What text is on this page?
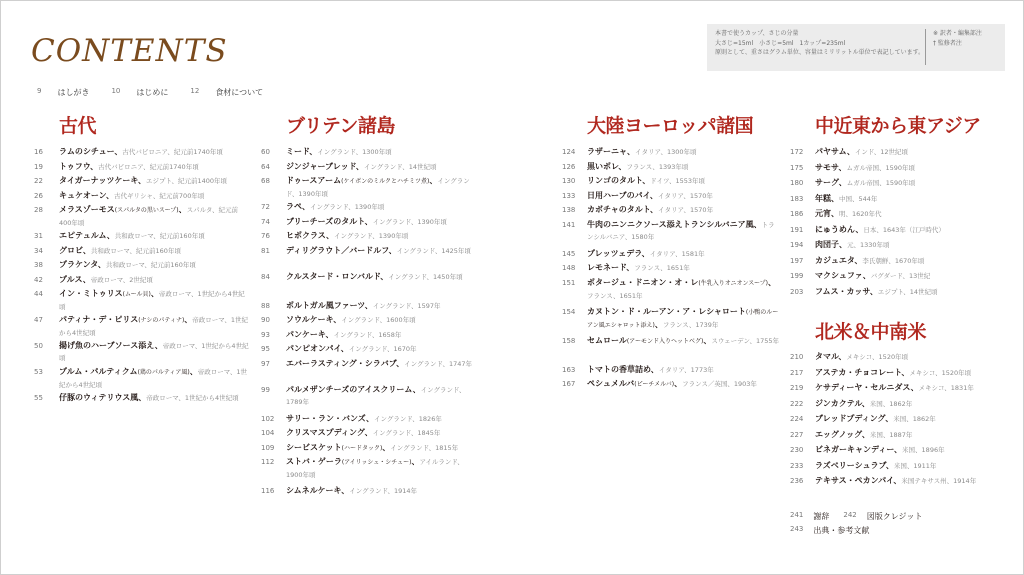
CONTENTS
9 はしがき	10 はじめに	12 食材について
本書で使うカップ、さじの分量
大さじ=15ml　小さじ=5ml　1カップ=235ml
原則として、重さはグラム単位、容量はミリリットル単位で表記しています。
※ 訳者・編集部注
† 監修者注
古代
16	ラムのシチュー、古代バビロニア、紀元前1740年頃
19	トゥフウ、古代バビロニア、紀元前1740年頃
22	タイガーナッツケーキ、エジプト、紀元前1400年頃
26	キュケオーン、古代ギリシャ、紀元前700年頃
28	メラスゾーモス(スパルタの黒いスープ)、スパルタ、紀元前400年頃
31	エピテュルム、共和政ローマ、紀元前160年頃
34	グロビ、共和政ローマ、紀元前160年頃
38	プラケンタ、共和政ローマ、紀元前160年頃
42	プルス、帝政ローマ、2世紀頃
44	イン・ミトゥリス(ムール貝)、帝政ローマ、1世紀から4世紀頃
47	パティナ・デ・ピリス(ナシのパティナ)、帝政ローマ、1世紀から4世紀頃
50	揚げ魚のハーブソース添え、帝政ローマ、1世紀から4世紀頃
53	プルム・パルティクム(鶏のパルティア風)、帝政ローマ、1世紀から4世紀頃
55	仔豚のウィテリウス風、帝政ローマ、1世紀から4世紀頃
ブリテン諸島
60	ミード、イングランド、1300年頃
64	ジンジャーブレッド、イングランド、14世紀頃
68	ドゥースアーム(ケイボンのミルクとハチミツ煮)、イングランド、1390年頃
72	ラペ、イングランド、1390年頃
74	ブリーチーズのタルト、イングランド、1390年頃
76	ヒポクラス、イングランド、1390年頃
81	ディリグラウト／バードルフ、イングランド、1425年頃
84	クルスタード・ロンバルド、イングランド、1450年頃
88	ポルトガル風ファーツ、イングランド、1597年
90	ソウルケーキ、イングランド、1600年頃
93	パンケーキ、イングランド、1658年
95	パンピオンパイ、イングランド、1670年
97	エバーラスティング・シラバブ、イングランド、1747年
99	パルメザンチーズのアイスクリーム、イングランド、1789年
102	サリー・ラン・バンズ、イングランド、1826年
104	クリスマスプディング、イングランド、1845年
109	シービスケット(ハードタック)、イングランド、1815年
112	ストバ・ゲーラ(アイリッシュ・シチュー)、アイルランド、1900年頃
116	シムネルケーキ、イングランド、1914年
大陸ヨーロッパ諸国
124	ラザーニャ、イタリア、1300年頃
126	黒いポレ、フランス、1393年頃
130	リンゴのタルト、ドイツ、1553年頃
133	日用ハーブのパイ、イタリア、1570年
138	カボチャのタルト、イタリア、1570年
141	牛肉のニンニクソース添えトランシルバニア風、トランシルバニア、1580年
145	プレッツェデラ、イタリア、1581年
148	レモネード、フランス、1651年
151	ポタージュ・ドニオン・オ・レ(牛乳入りオニオンスープ)、フランス、1651年
154	カヌトン・ド・ルーアン・ア・レシャロート(小鴨のルーアン風エシャロット添え)、フランス、1739年
158	セムロール(アーモンド入りヘットベグ)、スウェーデン、1755年
163	トマトの香草詰め、イタリア、1773年
167	ペシュメルバ(ピーチメルバ)、フランス／英国、1903年
中近東から東アジア
172	パヤサム、インド、12世紀頃
175	サモサ、ムガル帝国、1590年頃
180	サーグ、ムガル帝国、1590年頃
183	年糕、中国、544年
186	元宵、明、1620年代
191	にゅうめん、日本、1643年（江戸時代）
194	肉団子、元、1330年頃
197	カジュエタ、李氏朝鮮、1670年頃
199	マクシュファ、バグダード、13世紀
203	フムス・カッサ、エジプト、14世紀頃
北米＆中南米
210	タマル、メキシコ、1520年頃
217	アステカ・チョコレート、メキシコ、1520年頃
219	ケサディーヤ・セルニダス、メキシコ、1831年
222	ジンカクテル、米国、1862年
224	ブレッドプディング、米国、1862年
227	エッグノッグ、米国、1887年
230	ビネガーキャンディー、米国、1896年
233	ラズベリーシュラブ、米国、1911年
236	テキサス・ペカンパイ、米国テキサス州、1914年
241 謝辞 242 図版クレジット
243 出典・参考文献
